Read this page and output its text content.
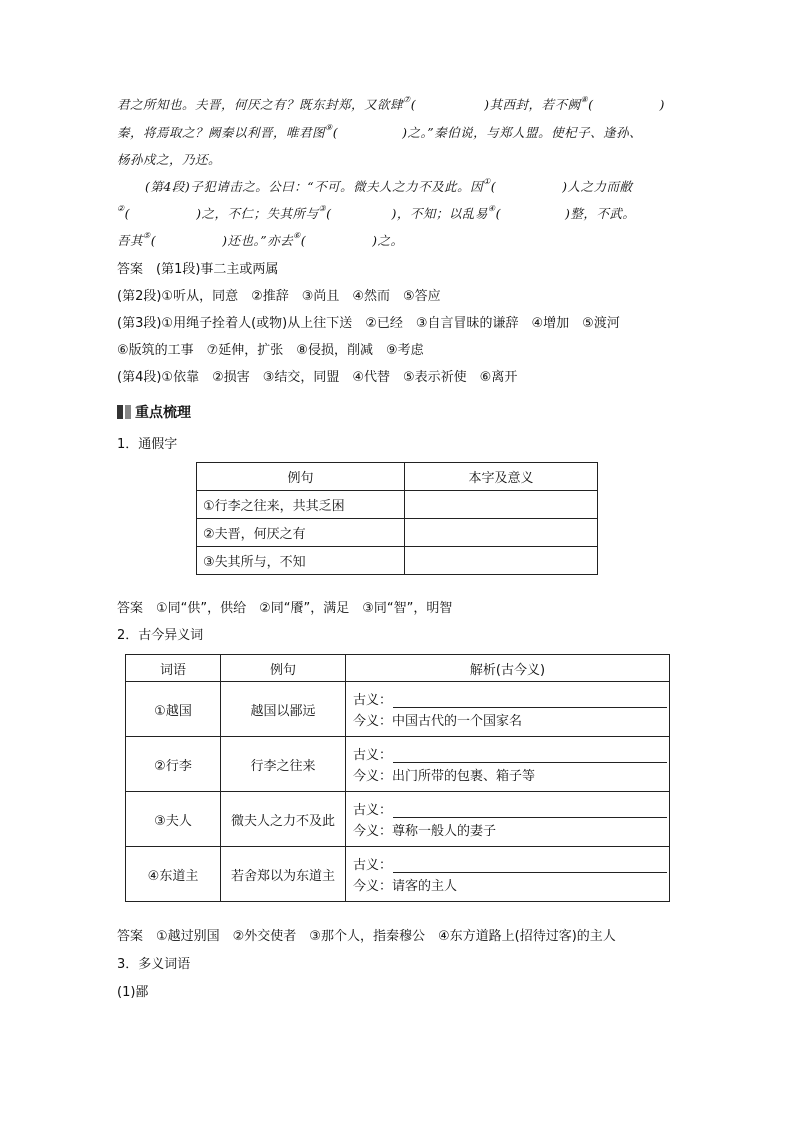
君之所知也。夫晋，何厌之有？既东封郑，又欲肆⑦(	)其西封，若不阙⑧(	)
秦，将焉取之？阙秦以利晋，唯君图⑨(	)之。”秦伯说，与郑人盟。使杞子、逢孙、
杨孙戍之，乃还。
(第4段)子犯请击之。公曰：“不可。微夫人之力不及此。因①(	)人之力而敝
②(	)之，不仁；失其所与③(	)，不知；以乱易④(	)整，不武。
吾其⑤(	)还也。”亦去⑥(	)之。
答案　(第1段)事二主或两属
(第2段)①听从，同意　②推辞　③尚且　④然而　⑤答应
(第3段)①用绳子拴着人(或物)从上往下送　②已经　③自言冒昧的谦辞　④增加　⑤渡河
⑥版筑的工事　⑦延伸，扩张　⑧侵损，削减　⑨考虑
(第4段)①依靠　②损害　③结交，同盟　④代替　⑤表示祈使　⑥离开
重点梳理
1．通假字
例句	本字及意义
①行李之往来，共其乏困	
②夫晋，何厌之有	
③失其所与，不知	
答案　①同“供”，供给　②同“餍”，满足　③同“智”，明智
2．古今异义词
词语	例句	解析(古今义)
①越国	越国以鄙远	古义：
今义：中国古代的一个国家名

②行李	行李之往来	古义：
今义：出门所带的包裹、箱子等

③夫人	微夫人之力不及此	古义：
今义：尊称一般人的妻子

④东道主	若舍郑以为东道主	古义：
今义：请客的主人
答案　①越过别国　②外交使者　③那个人，指秦穆公　④东方道路上(招待过客)的主人
3．多义词语
(1)鄙
